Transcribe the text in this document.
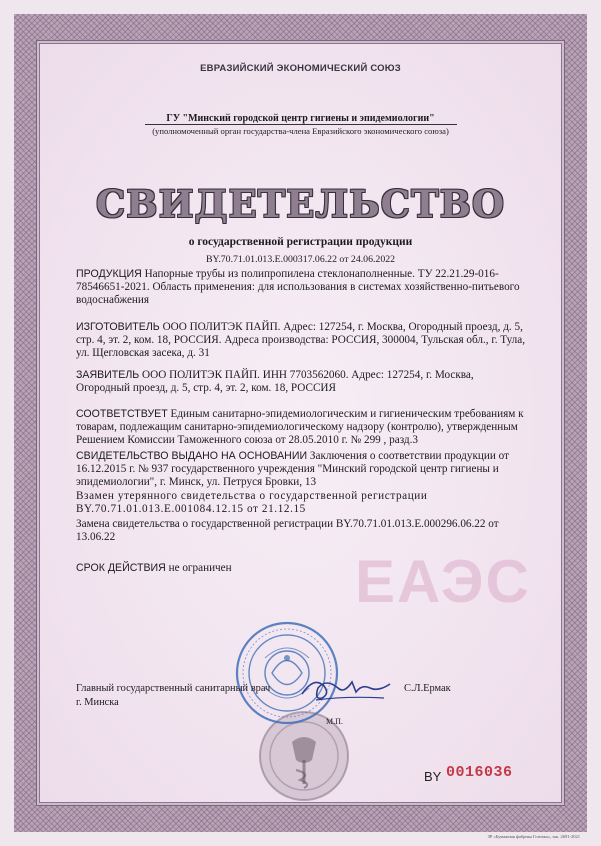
ЕВРАЗИЙСКИЙ ЭКОНОМИЧЕСКИЙ СОЮЗ
ГУ "Минский городской центр гигиены и эпидемиологии"
(уполномоченный орган государства-члена Евразийского экономического союза)
СВИДЕТЕЛЬСТВО
о государственной регистрации продукции
BY.70.71.01.013.E.000317.06.22 от 24.06.2022
ЕАЭС
ПРОДУКЦИЯ Напорные трубы из полипропилена стеклонаполненные. ТУ 22.21.29-016-78546651-2021. Область применения: для использования в системах хозяйственно-питьевого водоснабжения
ИЗГОТОВИТЕЛЬ ООО ПОЛИТЭК ПАЙП. Адрес: 127254, г. Москва, Огородный проезд, д. 5, стр. 4, эт. 2, ком. 18, РОССИЯ. Адреса производства: РОССИЯ, 300004, Тульская обл., г. Тула, ул. Щегловская засека, д. 31
ЗАЯВИТЕЛЬ ООО ПОЛИТЭК ПАЙП. ИНН 7703562060. Адрес: 127254, г. Москва, Огородный проезд, д. 5, стр. 4, эт. 2, ком. 18, РОССИЯ
СООТВЕТСТВУЕТ Единым санитарно-эпидемиологическим и гигиеническим требованиям к товарам, подлежащим санитарно-эпидемиологическому надзору (контролю), утвержденным Решением Комиссии Таможенного союза от 28.05.2010 г. № 299 , разд.3
СВИДЕТЕЛЬСТВО ВЫДАНО НА ОСНОВАНИИ Заключения о соответствии продукции от 16.12.2015 г. № 937 государственного учреждения "Минский городской центр гигиены и эпидемиологии", г. Минск, ул. Петруся Бровки, 13
Взамен утерянного свидетельства о государственной регистрации BY.70.71.01.013.E.001084.12.15 от 21.12.15
Замена свидетельства о государственной регистрации BY.70.71.01.013.E.000296.06.22 от 13.06.22
СРОК ДЕЙСТВИЯ не ограничен
Главный государственный санитарный врач
г. Минска
С.Л.Ермак
М.П.
BY 0016036
ЗР «Бумажная фабрика Гознака», зак. 2691-2021
